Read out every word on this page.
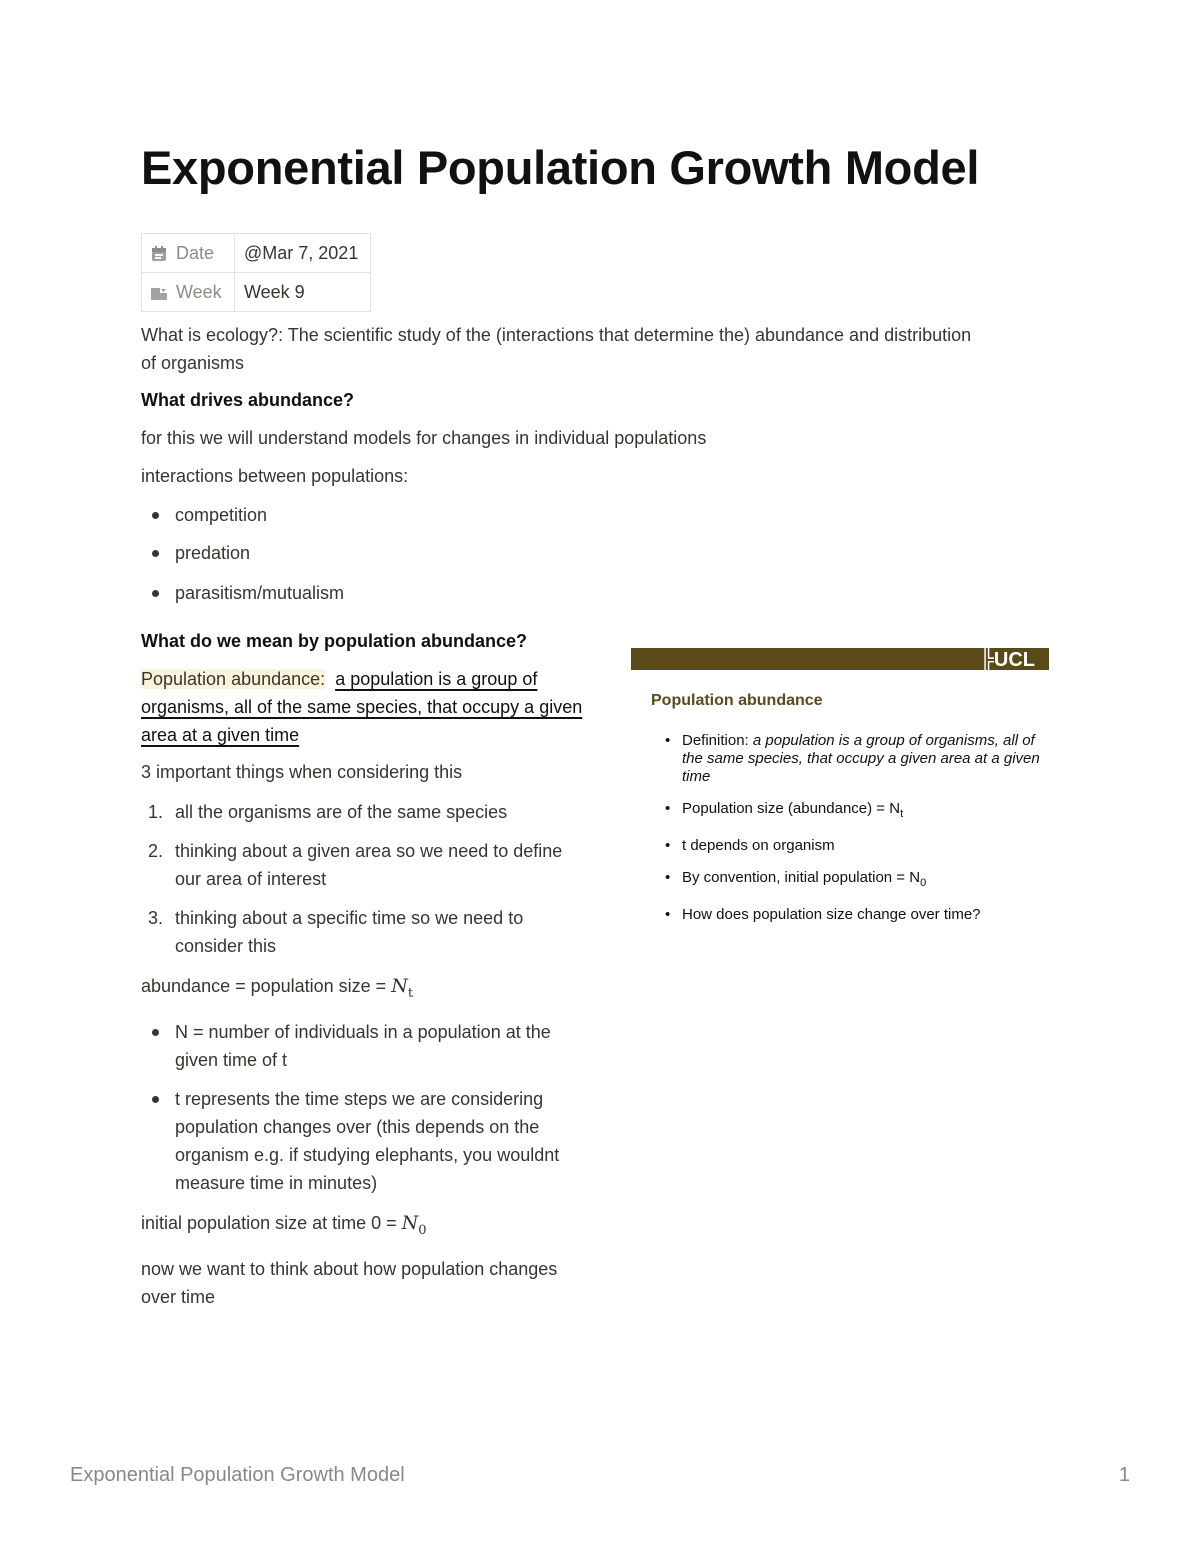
Exponential Population Growth Model
Date	@Mar 7, 2021
Week	Week 9

What is ecology?: The scientific study of the (interactions that determine the) abundance and distribution of organisms

What drives abundance?

for this we will understand models for changes in individual populations

interactions between populations:

competition
predation
parasitism/mutualism

What do we mean by population abundance?

Population abundance: a population is a group of organisms, all of the same species, that occupy a given area at a given time

3 important things when considering this

1. all the organisms are of the same species
2. thinking about a given area so we need to define our area of interest
3. thinking about a specific time so we need to consider this

abundance = population size = $N_t$

N = number of individuals in a population at the given time of t
t represents the time steps we are considering population changes over (this depends on the organism e.g. if studying elephants, you wouldnt measure time in minutes)

initial population size at time $0 = N_0$

now we want to think about how population changes over time

╠UCL
Population abundance
• Definition: a population is a group of organisms, all of the same species, that occupy a given area at a given time
• Population size (abundance) = $N_t$
• t depends on organism
• By convention, initial population = $N_0$
• How does population size change over time?
Exponential Population Growth Model	1
